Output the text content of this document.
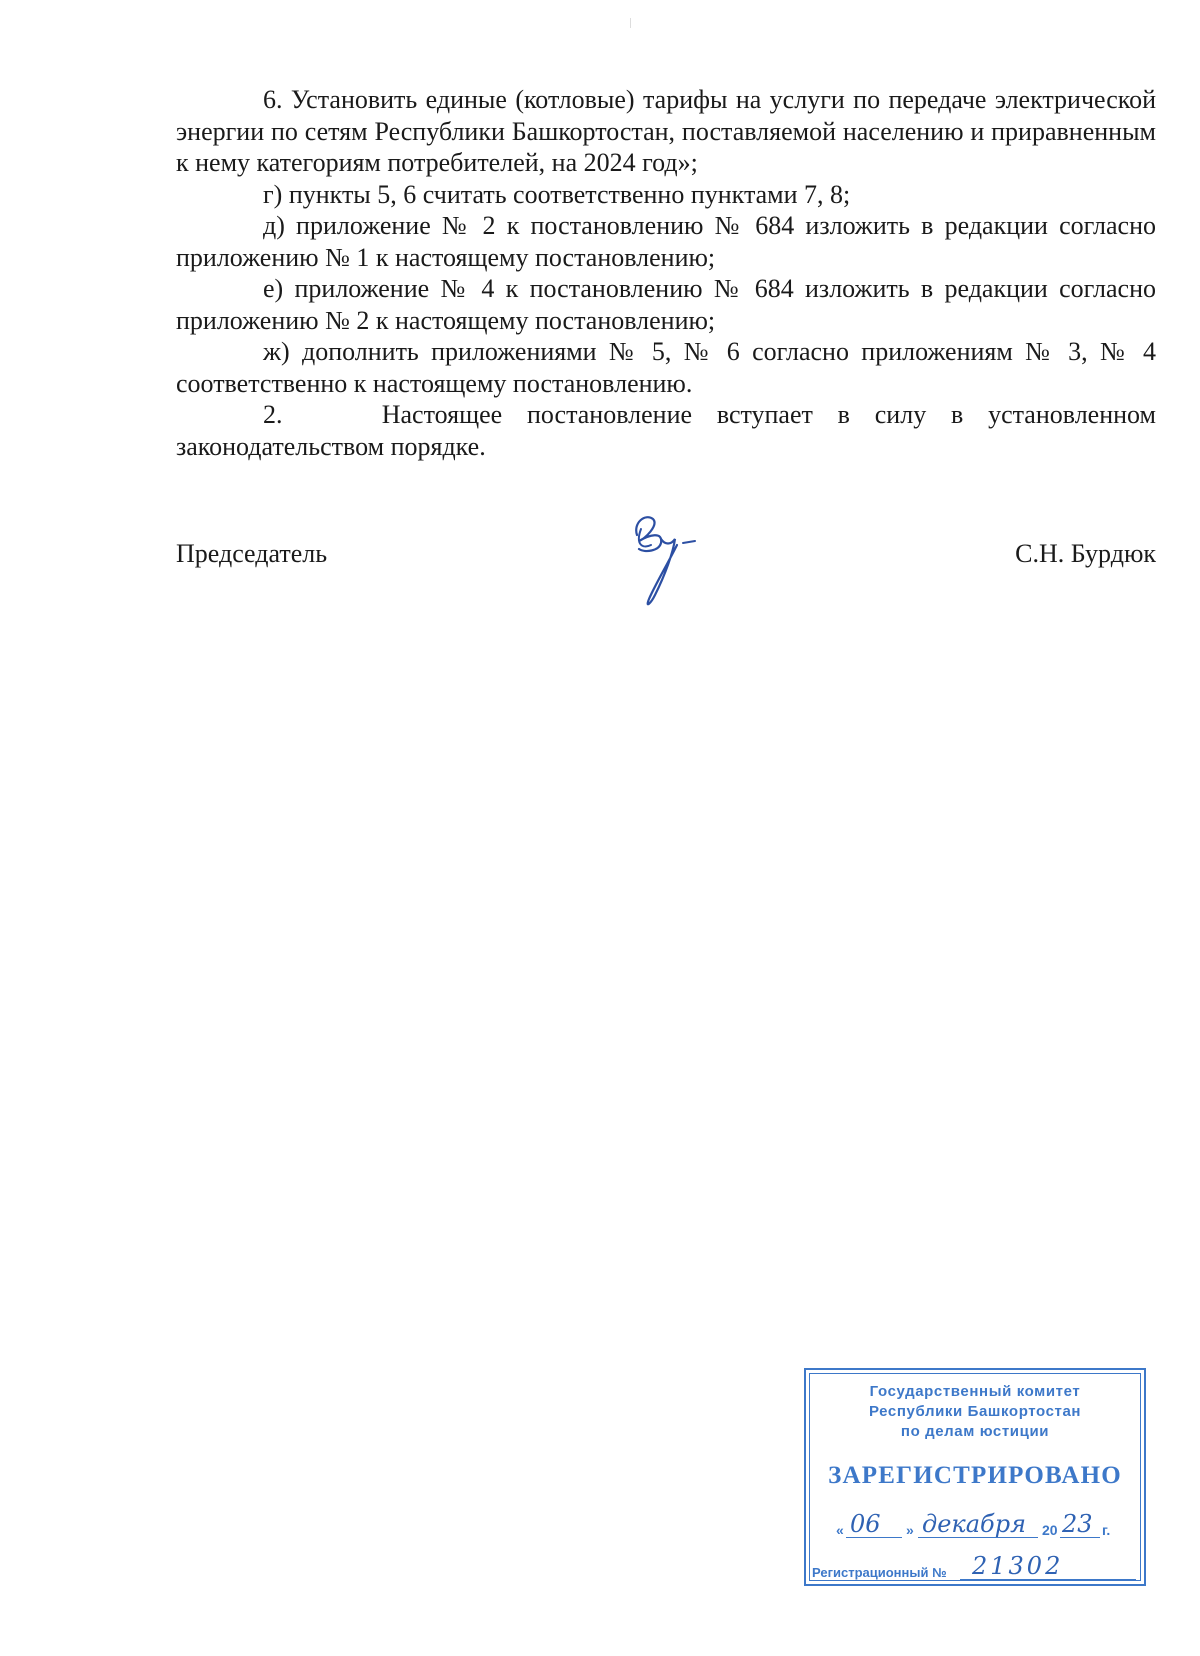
6. Установить единые (котловые) тарифы на услуги по передаче электрической энергии по сетям Республики Башкортостан, поставляемой населению и приравненным к нему категориям потребителей, на 2024 год»;

г) пункты 5, 6 считать соответственно пунктами 7, 8;

д) приложение № 2 к постановлению № 684 изложить в редакции согласно приложению № 1 к настоящему постановлению;

е) приложение № 4 к постановлению № 684 изложить в редакции согласно приложению № 2 к настоящему постановлению;

ж) дополнить приложениями № 5, № 6 согласно приложениям № 3, № 4 соответственно к настоящему постановлению.

2.    Настоящее постановление вступает в силу в установленном законодательством порядке.

Председатель	С.Н. Бурдюк
Государственный комитет
Республики Башкортостан
по делам юстиции
ЗАРЕГИСТРИРОВАНО
« 06 » декабря 20 23 г.
Регистрационный № 21302
